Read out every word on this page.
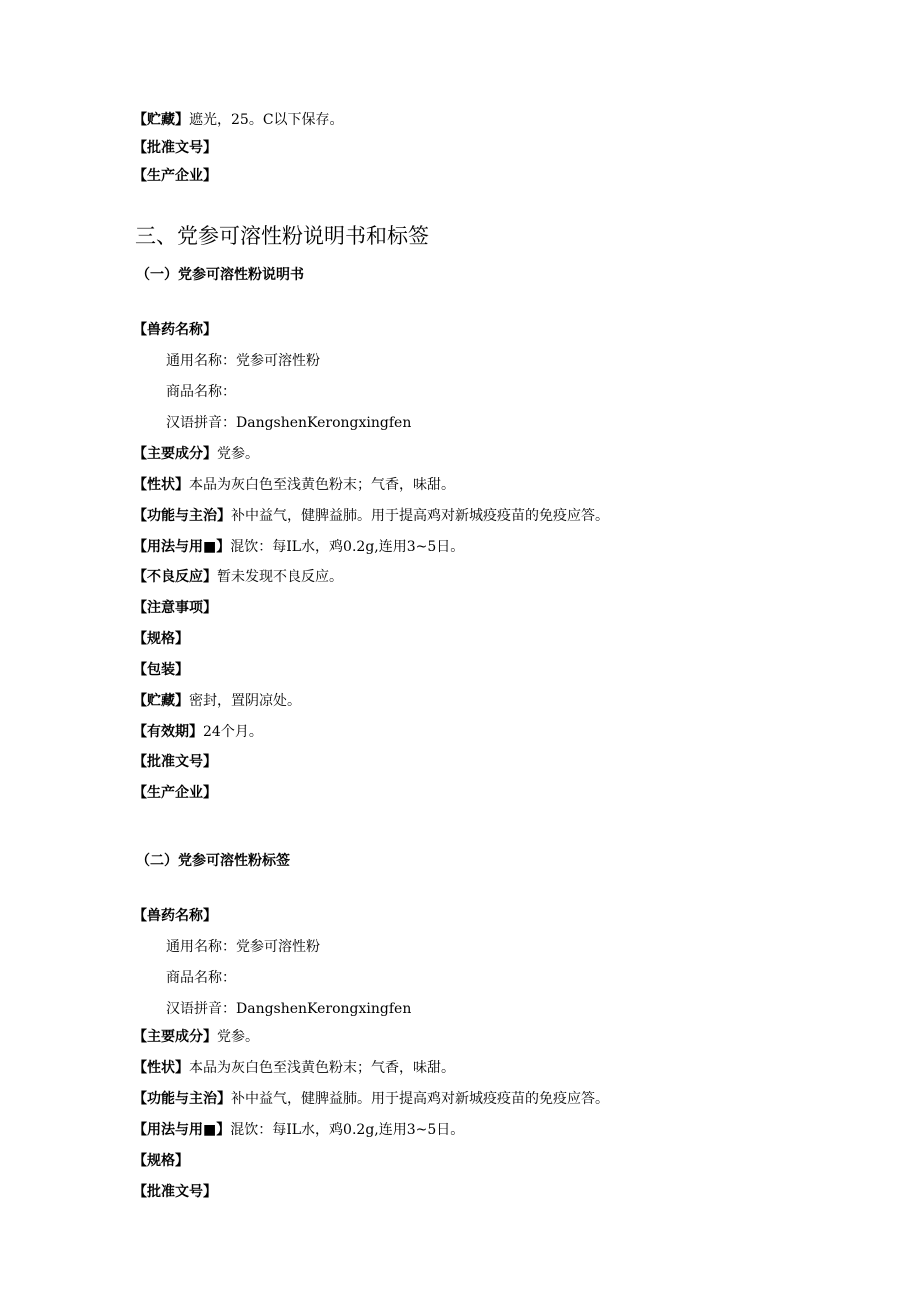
【贮藏】遮光，25。C以下保存。
【批准文号】
【生产企业】
三、党参可溶性粉说明书和标签
（一）党参可溶性粉说明书
【兽药名称】
通用名称：党参可溶性粉
商品名称：
汉语拼音：DangshenKerongxingfen
【主要成分】党参。
【性状】本品为灰白色至浅黄色粉末；气香，味甜。
【功能与主治】补中益气，健脾益肺。用于提高鸡对新城疫疫苗的免疫应答。
【用法与用■】混饮：每IL水，鸡0.2g,连用3~5日。
【不良反应】暂未发现不良反应。
【注意事项】
【规格】
【包装】
【贮藏】密封，置阴凉处。
【有效期】24个月。
【批准文号】
【生产企业】
（二）党参可溶性粉标签
【兽药名称】
通用名称：党参可溶性粉
商品名称：
汉语拼音：DangshenKerongxingfen
【主要成分】党参。
【性状】本品为灰白色至浅黄色粉末；气香，味甜。
【功能与主治】补中益气，健脾益肺。用于提高鸡对新城疫疫苗的免疫应答。
【用法与用■】混饮：每IL水，鸡0.2g,连用3~5日。
【规格】
【批准文号】
